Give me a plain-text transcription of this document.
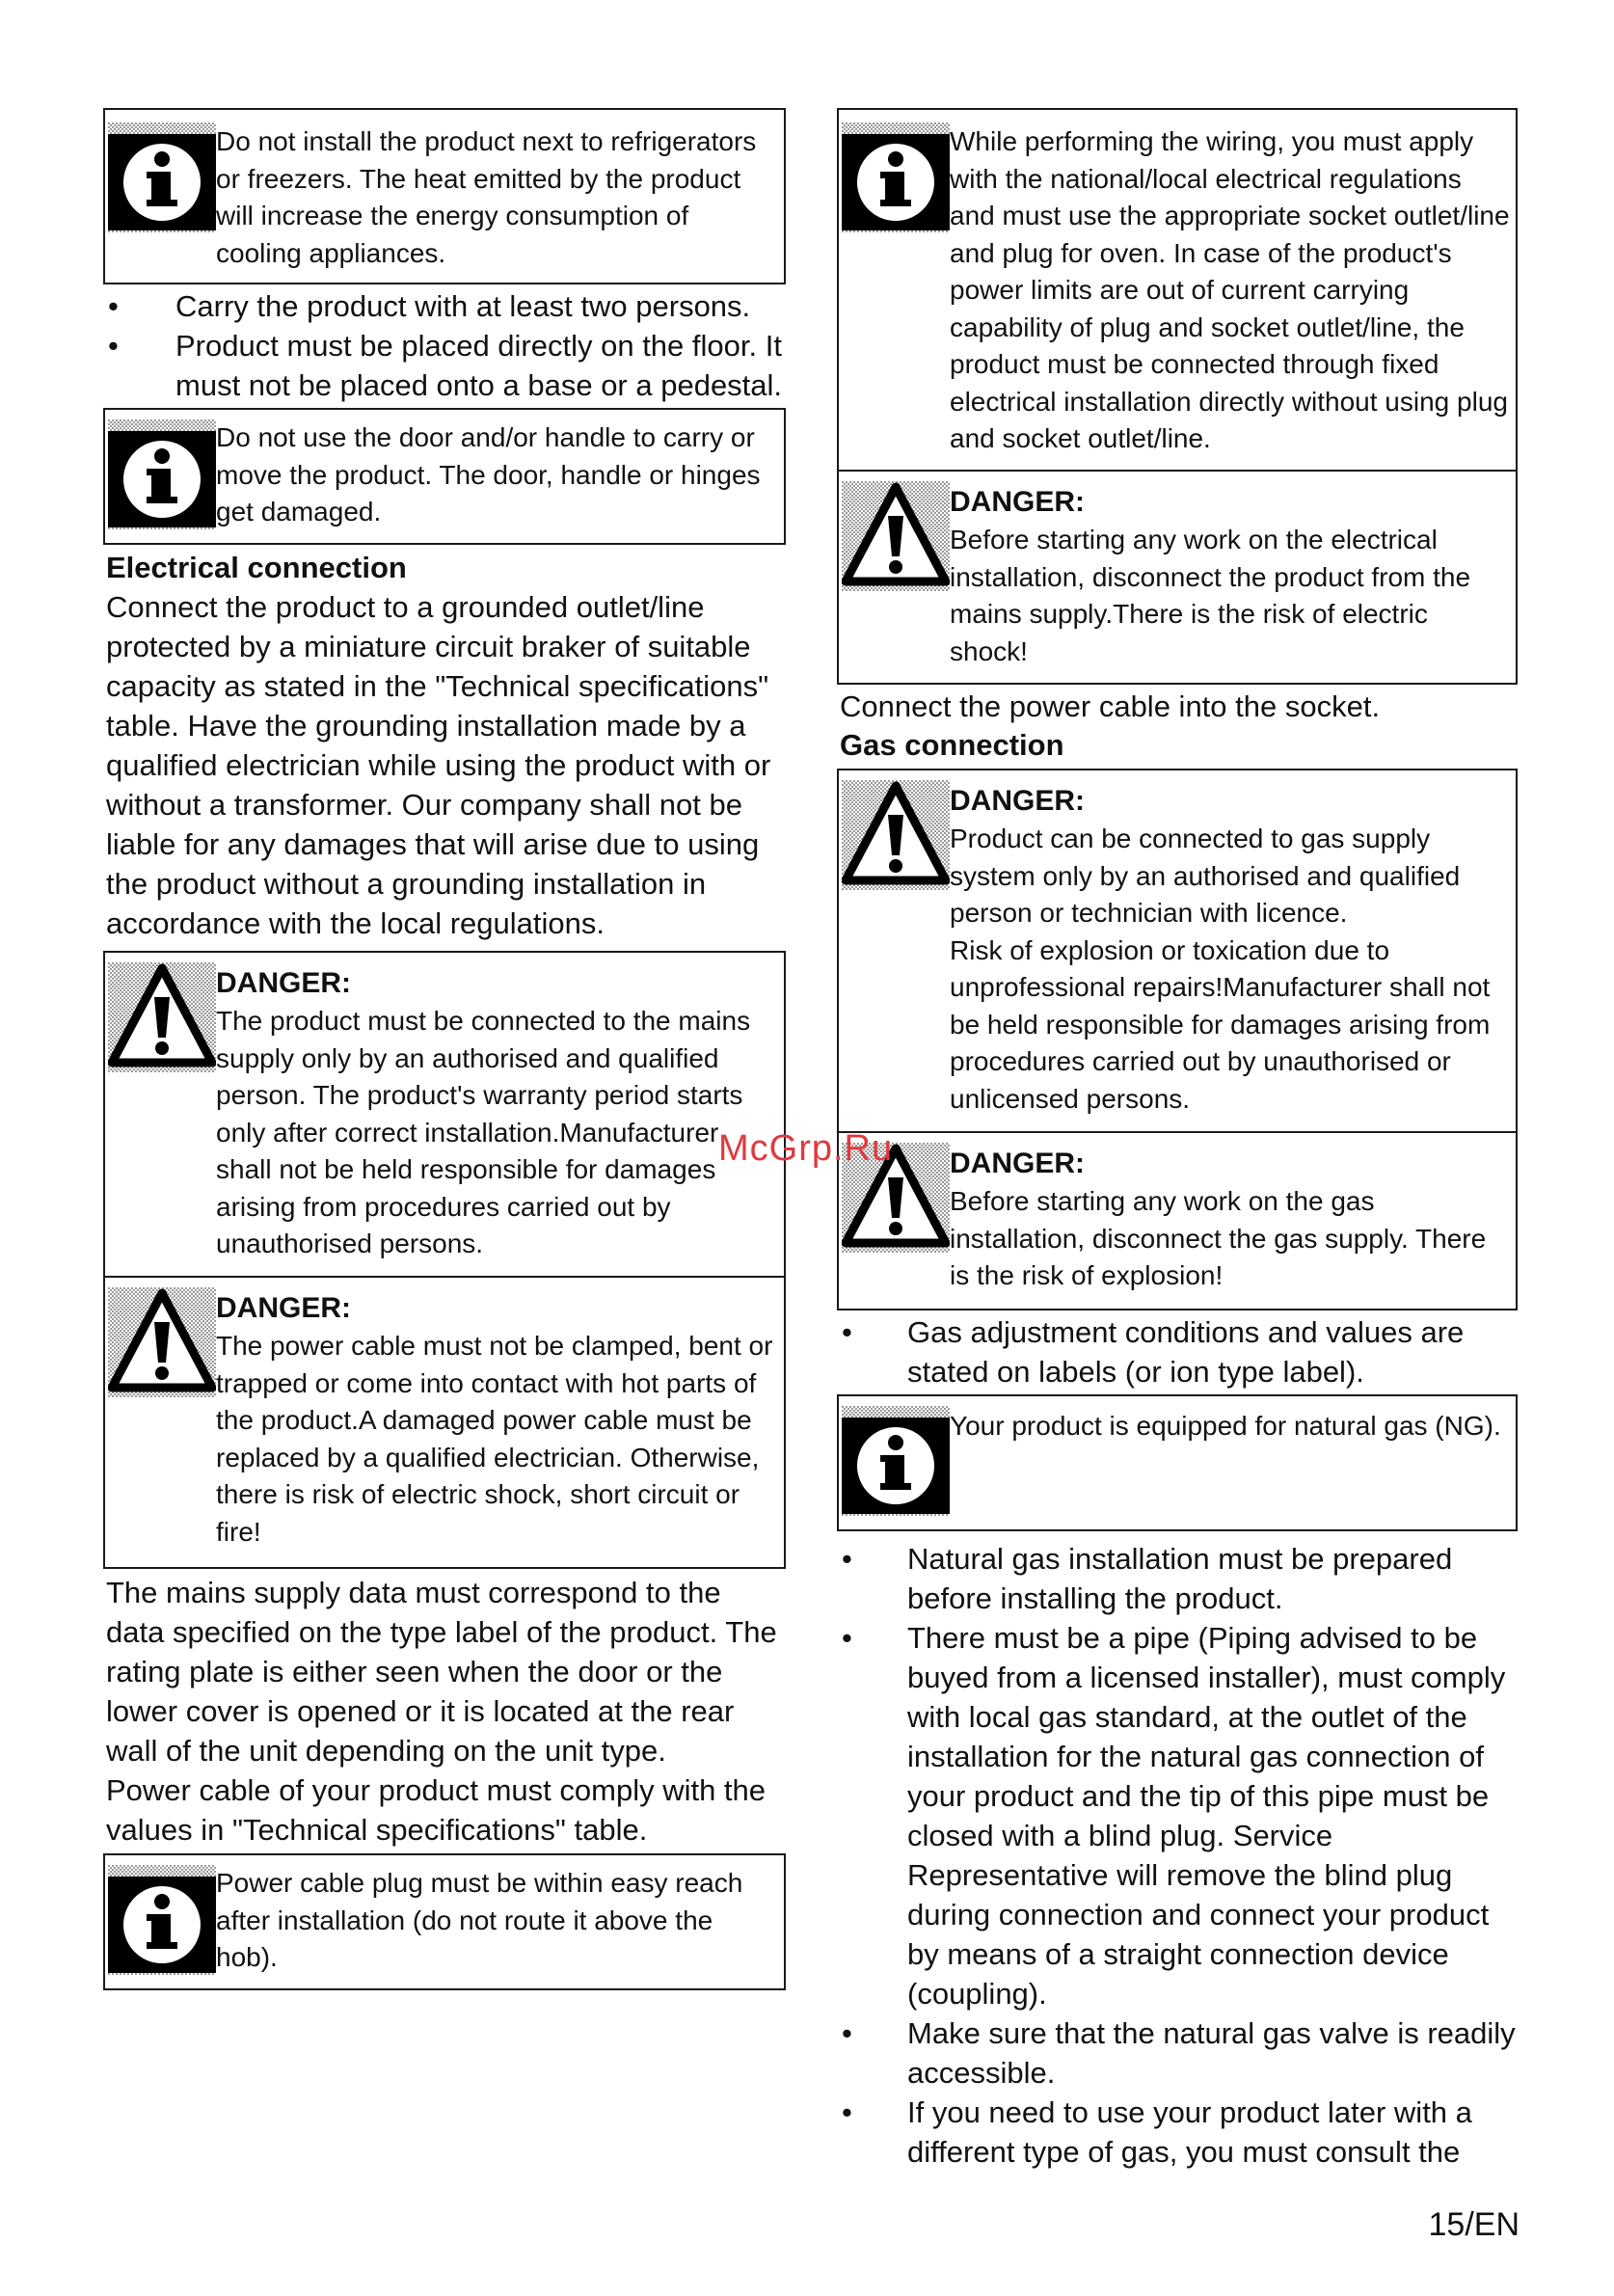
Do not install the product next to refrigerators or freezers. The heat emitted by the product will increase the energy consumption of cooling appliances.
• Carry the product with at least two persons.
• Product must be placed directly on the floor. It must not be placed onto a base or a pedestal.
Do not use the door and/or handle to carry or move the product. The door, handle or hinges get damaged.
Electrical connection

Connect the product to a grounded outlet/line protected by a miniature circuit braker of suitable capacity as stated in the "Technical specifications" table. Have the grounding installation made by a qualified electrician while using the product with or without a transformer. Our company shall not be liable for any damages that will arise due to using the product without a grounding installation in accordance with the local regulations.

DANGER:
The product must be connected to the mains supply only by an authorised and qualified person. The product's warranty period starts only after correct installation.Manufacturer shall not be held responsible for damages arising from procedures carried out by unauthorised persons.
DANGER:
The power cable must not be clamped, bent or trapped or come into contact with hot parts of the product.A damaged power cable must be replaced by a qualified electrician. Otherwise, there is risk of electric shock, short circuit or fire!

The mains supply data must correspond to the data specified on the type label of the product. The rating plate is either seen when the door or the lower cover is opened or it is located at the rear wall of the unit depending on the unit type.

Power cable of your product must comply with the values in "Technical specifications" table.

Power cable plug must be within easy reach after installation (do not route it above the hob).
While performing the wiring, you must apply with the national/local electrical regulations and must use the appropriate socket outlet/line and plug for oven. In case of the product's power limits are out of current carrying capability of plug and socket outlet/line, the product must be connected through fixed electrical installation directly without using plug and socket outlet/line.
DANGER:
Before starting any work on the electrical installation, disconnect the product from the mains supply.There is the risk of electric shock!

Connect the power cable into the socket.

Gas connection
DANGER:
Product can be connected to gas supply system only by an authorised and qualified person or technician with licence.
Risk of explosion or toxication due to unprofessional repairs!Manufacturer shall not be held responsible for damages arising from procedures carried out by unauthorised or unlicensed persons.
DANGER:
Before starting any work on the gas installation, disconnect the gas supply. There is the risk of explosion!
• Gas adjustment conditions and values are stated on labels (or ion type label).
Your product is equipped for natural gas (NG).
• Natural gas installation must be prepared before installing the product.
• There must be a pipe (Piping advised to be buyed from a licensed installer), must comply with local gas standard, at the outlet of the installation for the natural gas connection of your product and the tip of this pipe must be closed with a blind plug. Service Representative will remove the blind plug during connection and connect your product by means of a straight connection device (coupling).
• Make sure that the natural gas valve is readily accessible.
• If you need to use your product later with a different type of gas, you must consult the
McGrp.Ru
15/EN
